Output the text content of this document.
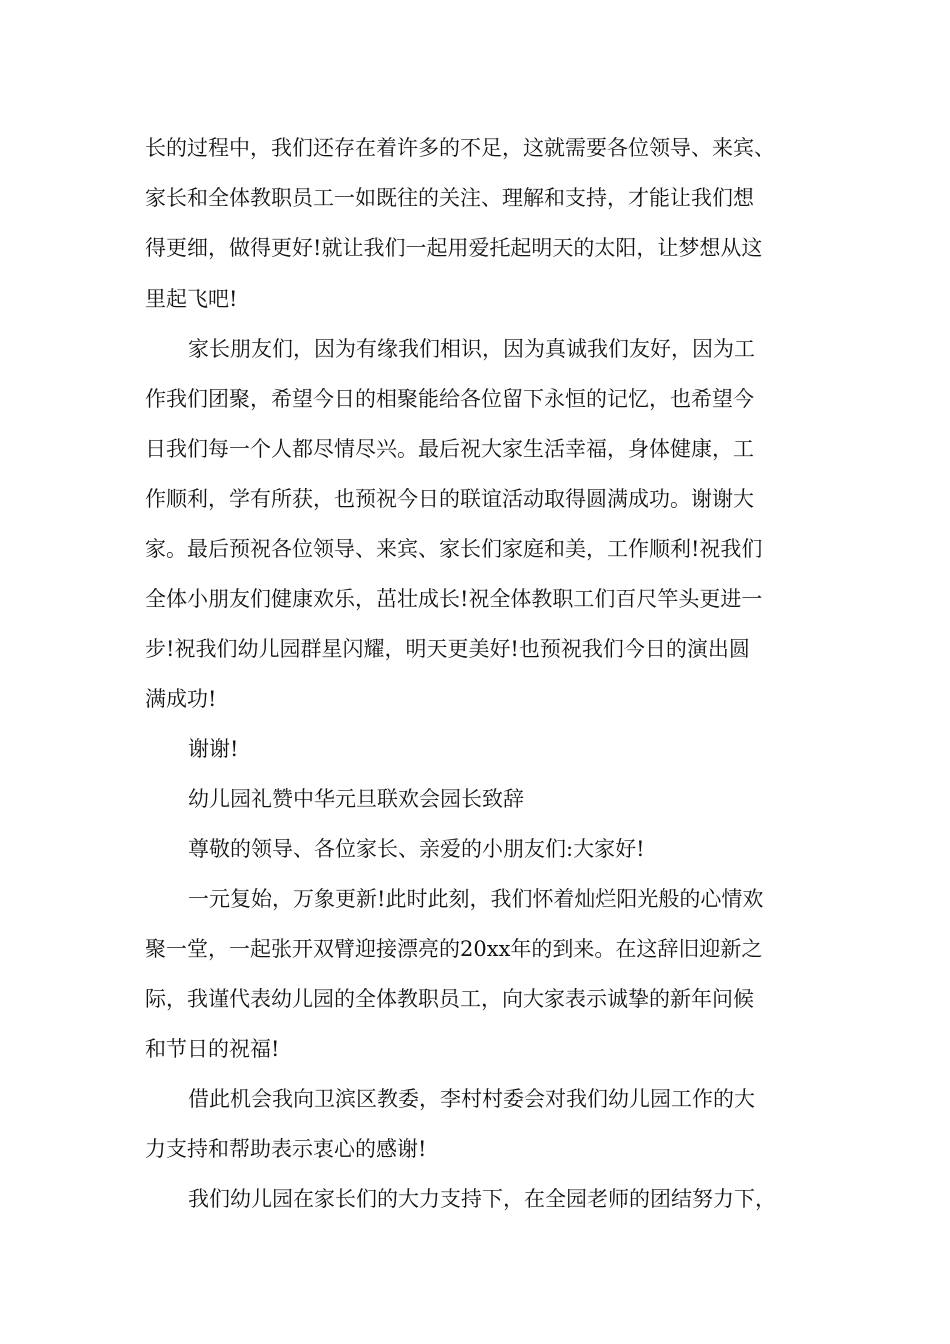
长的过程中，我们还存在着许多的不足，这就需要各位领导、来宾、
家长和全体教职员工一如既往的关注、理解和支持，才能让我们想
得更细，做得更好!就让我们一起用爱托起明天的太阳，让梦想从这
里起飞吧!
家长朋友们，因为有缘我们相识，因为真诚我们友好，因为工
作我们团聚，希望今日的相聚能给各位留下永恒的记忆，也希望今
日我们每一个人都尽情尽兴。最后祝大家生活幸福，身体健康，工
作顺利，学有所获，也预祝今日的联谊活动取得圆满成功。谢谢大
家。最后预祝各位领导、来宾、家长们家庭和美，工作顺利!祝我们
全体小朋友们健康欢乐，茁壮成长!祝全体教职工们百尺竿头更进一
步!祝我们幼儿园群星闪耀，明天更美好!也预祝我们今日的演出圆
满成功!
谢谢!
幼儿园礼赞中华元旦联欢会园长致辞
尊敬的领导、各位家长、亲爱的小朋友们:大家好!
一元复始，万象更新!此时此刻，我们怀着灿烂阳光般的心情欢
聚一堂，一起张开双臂迎接漂亮的20xx年的到来。在这辞旧迎新之
际，我谨代表幼儿园的全体教职员工，向大家表示诚挚的新年问候
和节日的祝福!
借此机会我向卫滨区教委，李村村委会对我们幼儿园工作的大
力支持和帮助表示衷心的感谢!
我们幼儿园在家长们的大力支持下，在全园老师的团结努力下，
